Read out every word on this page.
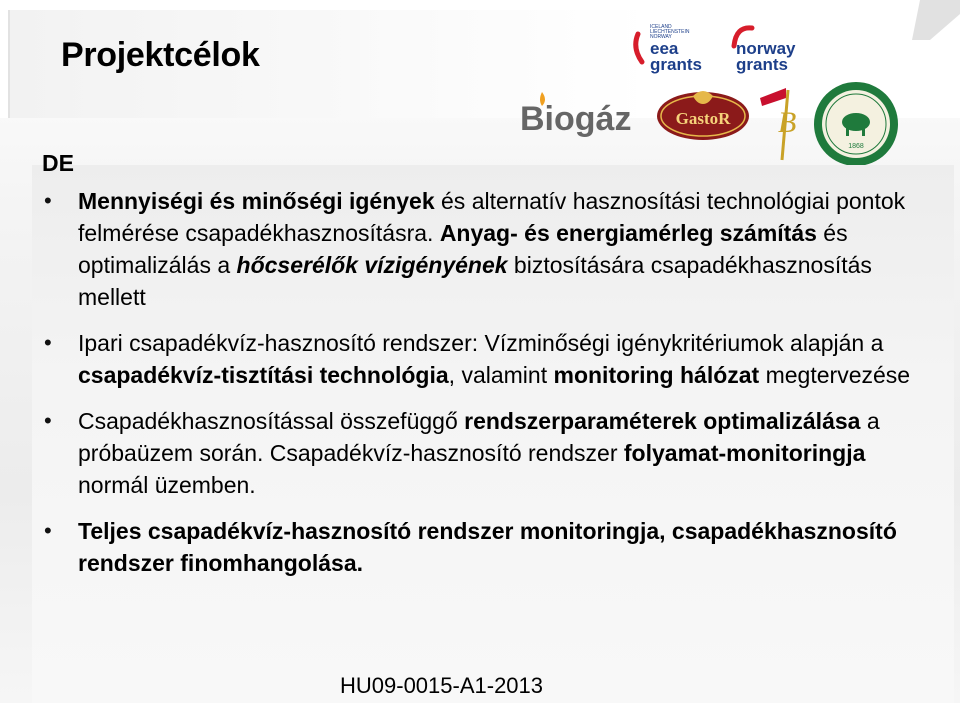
Projektcélok
ICELAND
LIECHTENSTEIN
NORWAY
eea
grants
norway
grants
Biogáz	GastoR B
1868
DE
• Mennyiségi és minőségi igények és alternatív hasznosítási technológiai pontok felmérése csapadékhasznosításra. Anyag- és energiamérleg számítás és optimalizálás a hőcserélők vízigényének biztosítására csapadékhasznosítás mellett
• Ipari csapadékvíz-hasznosító rendszer: Vízminőségi igénykritériumok alapján a csapadékvíz-tisztítási technológia, valamint monitoring hálózat megtervezése
• Csapadékhasznosítással összefüggő rendszerparaméterek optimalizálása a próbaüzem során. Csapadékvíz-hasznosító rendszer folyamat-monitoringja normál üzemben.
• Teljes csapadékvíz-hasznosító rendszer monitoringja, csapadékhasznosító rendszer finomhangolása.
HU09-0015-A1-2013
